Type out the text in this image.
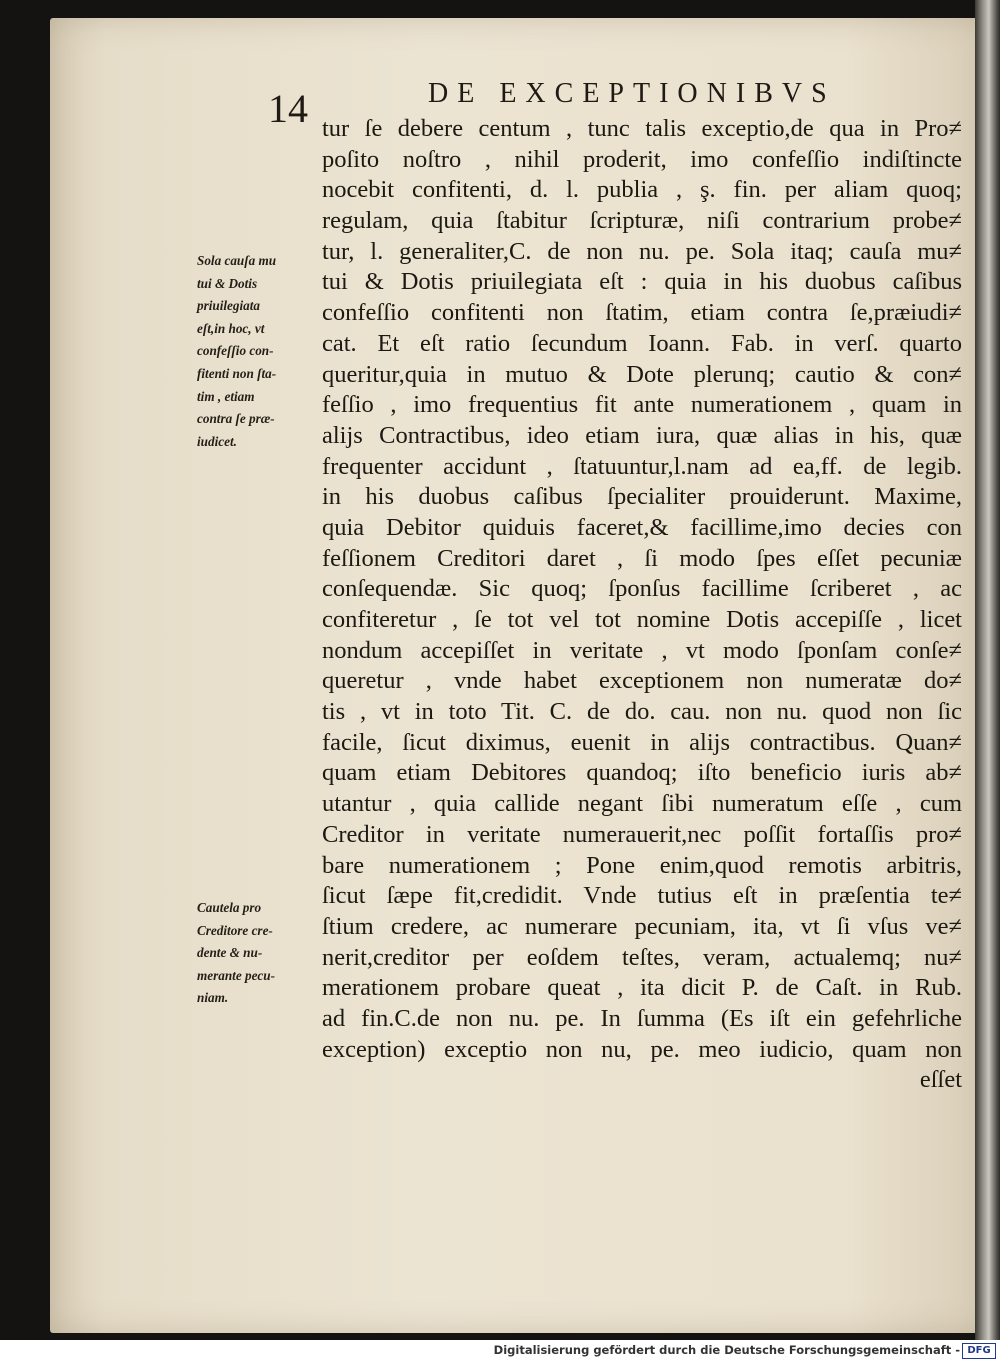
14	DE EXCEPTIONIBVS
Sola cauſa mu
tui & Dotis
priuilegiata
eſt,in hoc, vt
confeſſio con-
fitenti non ſta-
tim , etiam
contra ſe præ-
iudicet.
Cautela pro
Creditore cre-
dente & nu-
merante pecu-
niam.
tur ſe debere centum , tunc talis exceptio,de qua in Pro≠
poſito noſtro , nihil proderit, imo confeſſio indiſtincte
nocebit confitenti, d. l. publia , ş. fin. per aliam quoq;
regulam, quia ſtabitur ſcripturæ, niſi contrarium probe≠
tur, l. generaliter,C. de non nu. pe. Sola itaq; cauſa mu≠
tui & Dotis priuilegiata eſt : quia in his duobus caſibus
confeſſio confitenti non ſtatim, etiam contra ſe,præiudi≠
cat. Et eſt ratio ſecundum Ioann. Fab. in verſ. quarto
queritur,quia in mutuo & Dote plerunq; cautio & con≠
feſſio , imo frequentius fit ante numerationem , quam in
alijs Contractibus, ideo etiam iura, quæ alias in his, quæ
frequenter accidunt , ſtatuuntur,l.nam ad ea,ff. de legib.
in his duobus caſibus ſpecialiter prouiderunt. Maxime,
quia Debitor quiduis faceret,& facillime,imo decies con
feſſionem Creditori daret , ſi modo ſpes eſſet pecuniæ
conſequendæ. Sic quoq; ſponſus facillime ſcriberet , ac
confiteretur , ſe tot vel tot nomine Dotis accepiſſe , licet
nondum accepiſſet in veritate , vt modo ſponſam conſe≠
queretur , vnde habet exceptionem non numeratæ do≠
tis , vt in toto Tit. C. de do. cau. non nu. quod non ſic
facile, ſicut diximus, euenit in alijs contractibus. Quan≠
quam etiam Debitores quandoq; iſto beneficio iuris ab≠
utantur , quia callide negant ſibi numeratum eſſe , cum
Creditor in veritate numerauerit,nec poſſit fortaſſis pro≠
bare numerationem ; Pone enim,quod remotis arbitris,
ſicut ſæpe fit,credidit. Vnde tutius eſt in præſentia te≠
ſtium credere, ac numerare pecuniam, ita, vt ſi vſus ve≠
nerit,creditor per eoſdem teſtes, veram, actualemq; nu≠
merationem probare queat , ita dicit P. de Caſt. in Rub.
ad fin.C.de non nu. pe. In ſumma (Es iſt ein gefehrliche
exception) exceptio non nu, pe. meo iudicio, quam non
eſſet
Digitalisierung gefördert durch die Deutsche Forschungsgemeinschaft - DFG
